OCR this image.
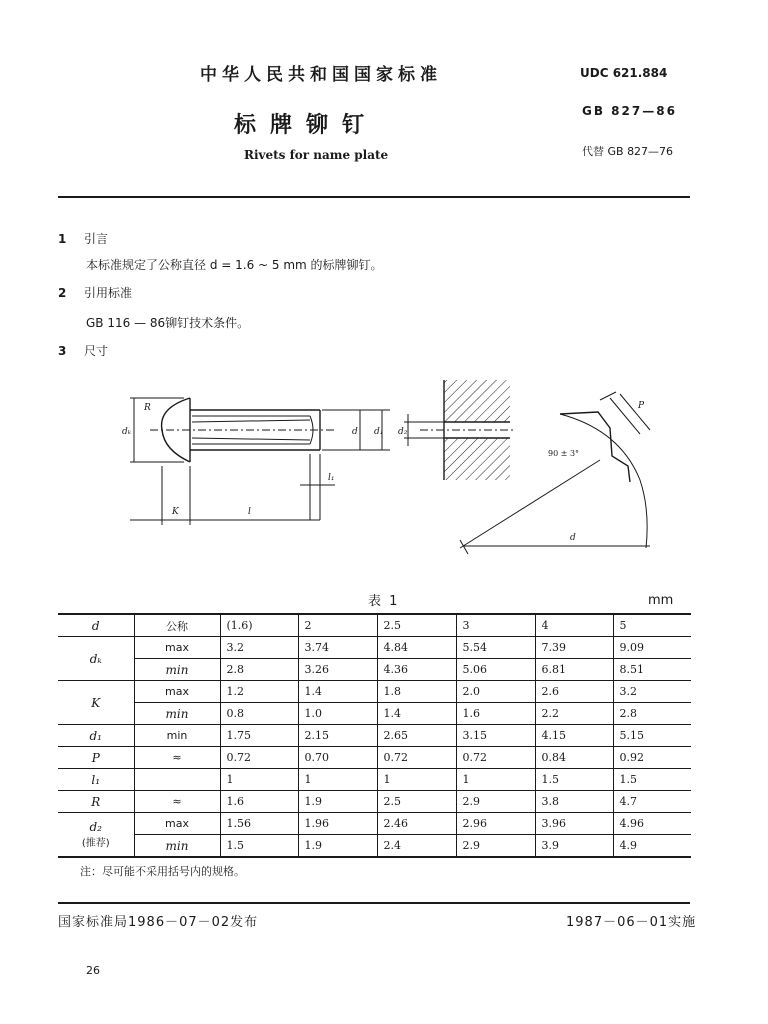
中华人民共和国国家标准
标牌铆钉
Rivets for name plate
UDC 621.884
GB 827—86
代替 GB 827—76
1 引言
本标准规定了公称直径 d = 1.6 ~ 5 mm 的标牌铆钉。
2 引用标准
GB 116 — 86铆钉技术条件。
3 尺寸
R
dₖ	d d₁
l₁
K	l
d₂
P
90 ± 3°
d
表 1	mm
d	公称	(1.6)	2	2.5	3	4	5
dₖ	max	3.2	3.74	4.84	5.54	7.39	9.09
	min	2.8	3.26	4.36	5.06	6.81	8.51
K	max	1.2	1.4	1.8	2.0	2.6	3.2
	min	0.8	1.0	1.4	1.6	2.2	2.8
d₁	min	1.75	2.15	2.65	3.15	4.15	5.15
P	≈	0.72	0.70	0.72	0.72	0.84	0.92
l₁		1	1	1	1	1.5	1.5
R	≈	1.6	1.9	2.5	2.9	3.8	4.7

d₂
(推荐)	max	1.56	1.96	2.46	2.96	3.96	4.96
	min	1.5	1.9	2.4	2.9	3.9	4.9
注：尽可能不采用括号内的规格。
国家标准局1986－07－02发布	1987－06－01实施
26
